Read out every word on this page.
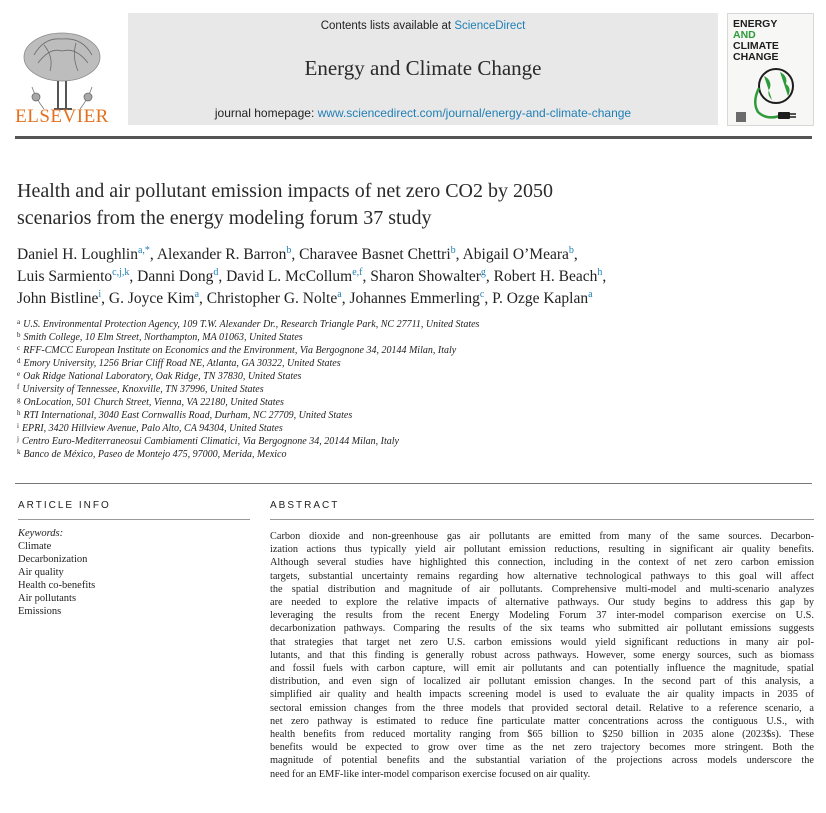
ELSEVIER
Contents lists available at ScienceDirect
Energy and Climate Change
journal homepage: www.sciencedirect.com/journal/energy-and-climate-change
ENERGY
AND
CLIMATE
CHANGE
Health and air pollutant emission impacts of net zero CO2 by 2050
scenarios from the energy modeling forum 37 study
Daniel H. Loughlin$^{a,*}$, Alexander R. Barron$^b$, Charavee Basnet Chettri$^b$, Abigail O’Meara$^b$,
Luis Sarmiento$^{c,j,k}$, Danni Dong$^d$, David L. McCollum$^{e,f}$, Sharon Showalter$^g$, Robert H. Beach$^h$,
John Bistline$^i$, G. Joyce Kim$^a$, Christopher G. Nolte$^a$, Johannes Emmerling$^c$, P. Ozge Kaplan$^a$
$^a$ U.S. Environmental Protection Agency, 109 T.W. Alexander Dr., Research Triangle Park, NC 27711, United States
$^b$ Smith College, 10 Elm Street, Northampton, MA 01063, United States
$^c$ RFF-CMCC European Institute on Economics and the Environment, Via Bergognone 34, 20144 Milan, Italy
$^d$ Emory University, 1256 Briar Cliff Road NE, Atlanta, GA 30322, United States
$^e$ Oak Ridge National Laboratory, Oak Ridge, TN 37830, United States
$^f$ University of Tennessee, Knoxville, TN 37996, United States
$^g$ OnLocation, 501 Church Street, Vienna, VA 22180, United States
$^h$ RTI International, 3040 East Cornwallis Road, Durham, NC 27709, United States
$^i$ EPRI, 3420 Hillview Avenue, Palo Alto, CA 94304, United States
$^j$ Centro Euro-Mediterraneosui Cambiamenti Climatici, Via Bergognone 34, 20144 Milan, Italy
$^k$ Banco de México, Paseo de Montejo 475, 97000, Merida, Mexico
ARTICLE INFO
Keywords:
Climate
Decarbonization
Air quality
Health co-benefits
Air pollutants
Emissions
ABSTRACT
Carbon dioxide and non-greenhouse gas air pollutants are emitted from many of the same sources. Decarbon-
ization actions thus typically yield air pollutant emission reductions, resulting in significant air quality benefits.
Although several studies have highlighted this connection, including in the context of net zero carbon emission
targets, substantial uncertainty remains regarding how alternative technological pathways to this goal will affect
the spatial distribution and magnitude of air pollutants. Comprehensive multi-model and multi-scenario analyzes
are needed to explore the relative impacts of alternative pathways. Our study begins to address this gap by
leveraging the results from the recent Energy Modeling Forum 37 inter-model comparison exercise on U.S.
decarbonization pathways. Comparing the results of the six teams who submitted air pollutant emissions suggests
that strategies that target net zero U.S. carbon emissions would yield significant reductions in many air pol-
lutants, and that this finding is generally robust across pathways. However, some energy sources, such as biomass
and fossil fuels with carbon capture, will emit air pollutants and can potentially influence the magnitude, spatial
distribution, and even sign of localized air pollutant emission changes. In the second part of this analysis, a
simplified air quality and health impacts screening model is used to evaluate the air quality impacts in 2035 of
sectoral emission changes from the three models that provided sectoral detail. Relative to a reference scenario, a
net zero pathway is estimated to reduce fine particulate matter concentrations across the contiguous U.S., with
health benefits from reduced mortality ranging from $65 billion to $250 billion in 2035 alone (2023$s). These
benefits would be expected to grow over time as the net zero trajectory becomes more stringent. Both the
magnitude of potential benefits and the substantial variation of the projections across models underscore the
need for an EMF-like inter-model comparison exercise focused on air quality.
